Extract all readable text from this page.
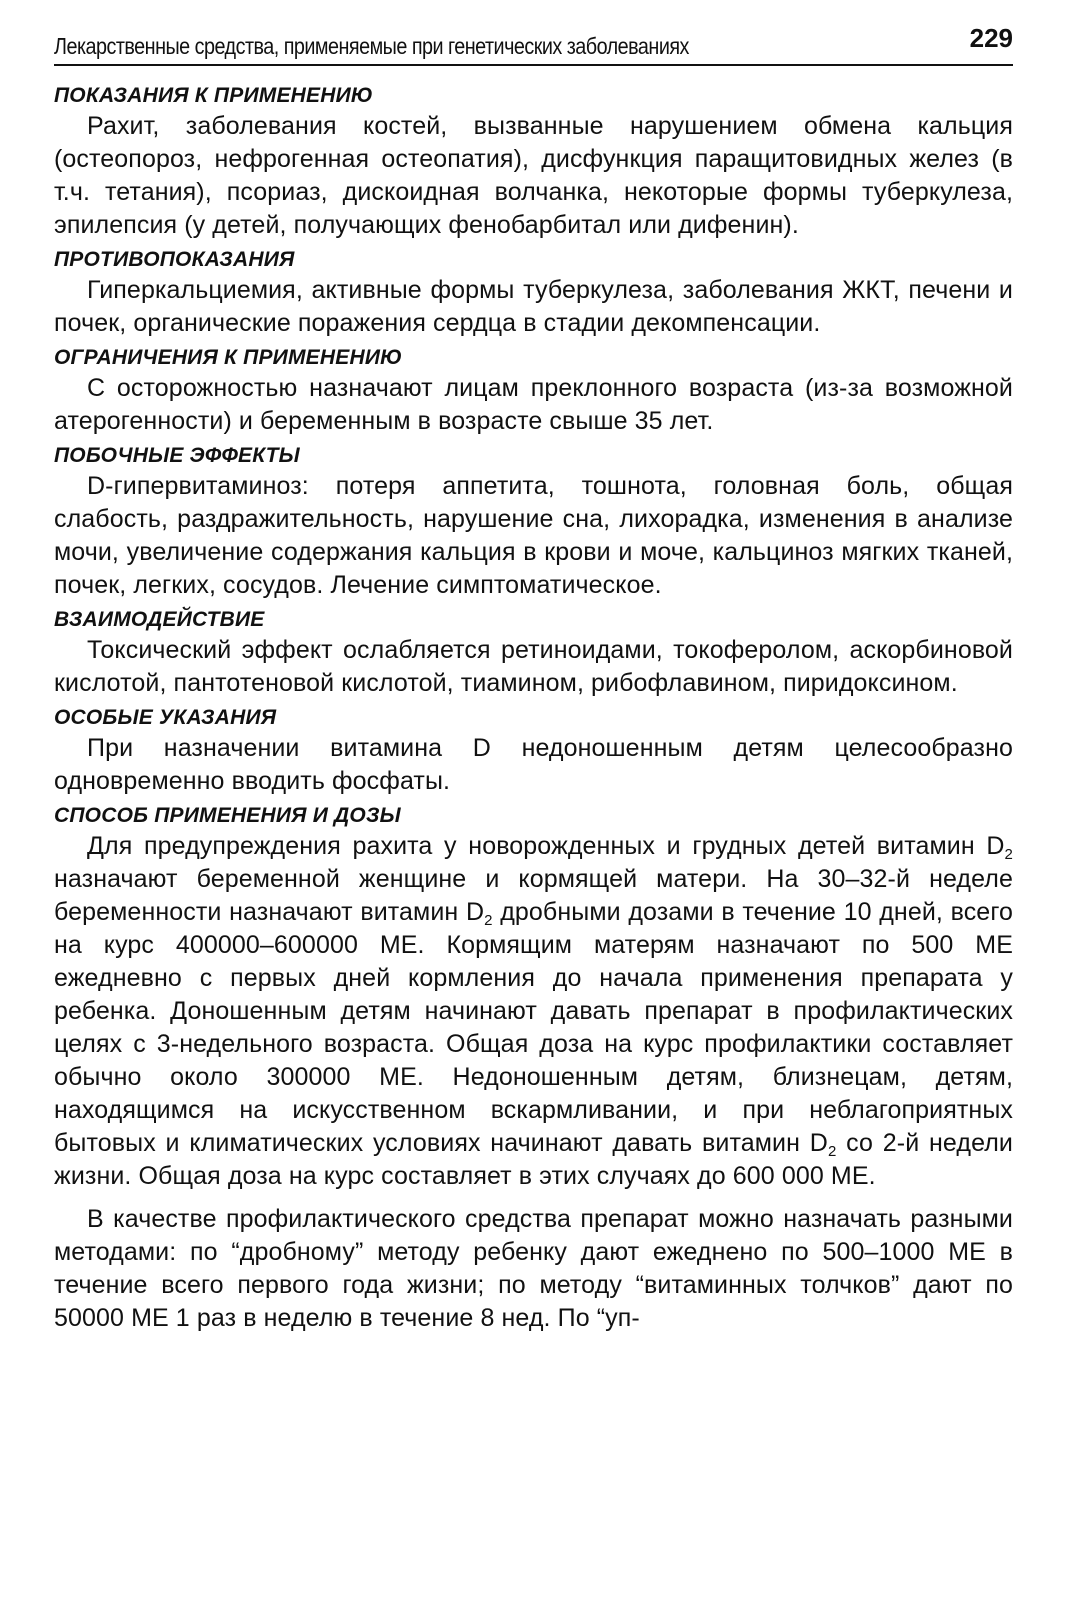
Лекарственные средства, применяемые при генетических заболеваниях	229
ПОКАЗАНИЯ К ПРИМЕНЕНИЮ

Рахит, заболевания костей, вызванные нарушением обмена кальция (остеопороз, нефрогенная остеопатия), дисфункция паращитовидных желез (в т.ч. тетания), псориаз, дискоидная волчанка, некоторые формы туберкулеза, эпилепсия (у детей, получающих фенобарбитал или дифенин).

ПРОТИВОПОКАЗАНИЯ

Гиперкальциемия, активные формы туберкулеза, заболевания ЖКТ, печени и почек, органические поражения сердца в стадии декомпенсации.

ОГРАНИЧЕНИЯ К ПРИМЕНЕНИЮ

С осторожностью назначают лицам преклонного возраста (из-за возможной атерогенности) и беременным в возрасте свыше 35 лет.

ПОБОЧНЫЕ ЭФФЕКТЫ

D-гипервитаминоз: потеря аппетита, тошнота, головная боль, общая слабость, раздражительность, нарушение сна, лихорадка, изменения в анализе мочи, увеличение содержания кальция в крови и моче, кальциноз мягких тканей, почек, легких, сосудов. Лечение симптоматическое.

ВЗАИМОДЕЙСТВИЕ

Токсический эффект ослабляется ретиноидами, токоферолом, аскорбиновой кислотой, пантотеновой кислотой, тиамином, рибофлавином, пиридоксином.

ОСОБЫЕ УКАЗАНИЯ

При назначении витамина D недоношенным детям целесообразно одновременно вводить фосфаты.

СПОСОБ ПРИМЕНЕНИЯ И ДОЗЫ

Для предупреждения рахита у новорожденных и грудных детей витамин $D_2$ назначают беременной женщине и кормящей матери. На 30–32-й неделе беременности назначают витамин $D_2$ дробными дозами в течение 10 дней, всего на курс 400000–600000 МЕ. Кормящим матерям назначают по 500 МЕ ежедневно с первых дней кормления до начала применения препарата у ребенка. Доношенным детям начинают давать препарат в профилактических целях с 3-недельного возраста. Общая доза на курс профилактики составляет обычно около 300000 МЕ. Недоношенным детям, близнецам, детям, находящимся на искусственном вскармливании, и при неблагоприятных бытовых и климатических условиях начинают давать витамин $D_2$ со 2-й недели жизни. Общая доза на курс составляет в этих случаях до 600 000 МЕ.

В качестве профилактического средства препарат можно назначать разными методами: по “дробному” методу ребенку дают ежеднено по 500–1000 МЕ в течение всего первого года жизни; по методу “витаминных толчков” дают по 50000 МЕ 1 раз в неделю в течение 8 нед. По “уп-
